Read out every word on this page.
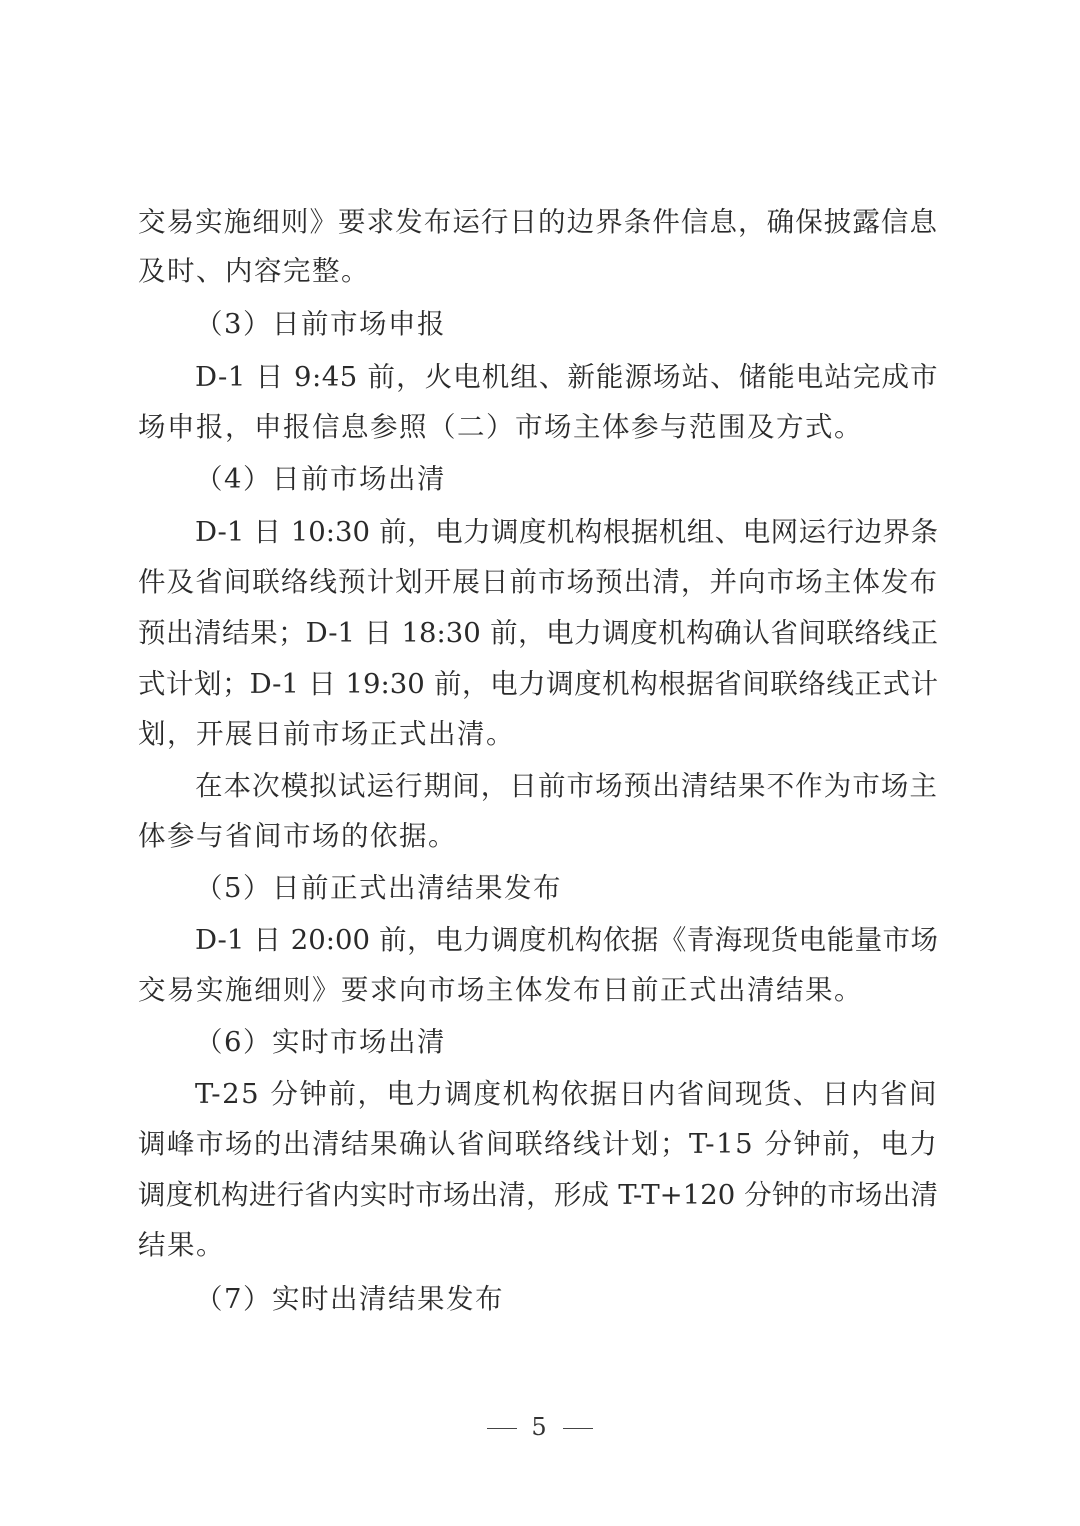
交易实施细则》要求发布运行日的边界条件信息，确保披露信息
及时、内容完整。
（3）日前市场申报
D-1 日 9:45 前，火电机组、新能源场站、储能电站完成市
场申报，申报信息参照（二）市场主体参与范围及方式。
（4）日前市场出清
D-1 日 10:30 前，电力调度机构根据机组、电网运行边界条
件及省间联络线预计划开展日前市场预出清，并向市场主体发布
预出清结果；D-1 日 18:30 前，电力调度机构确认省间联络线正
式计划；D-1 日 19:30 前，电力调度机构根据省间联络线正式计
划，开展日前市场正式出清。
在本次模拟试运行期间，日前市场预出清结果不作为市场主
体参与省间市场的依据。
（5）日前正式出清结果发布
D-1 日 20:00 前，电力调度机构依据《青海现货电能量市场
交易实施细则》要求向市场主体发布日前正式出清结果。
（6）实时市场出清
T-25 分钟前，电力调度机构依据日内省间现货、日内省间
调峰市场的出清结果确认省间联络线计划；T-15 分钟前，电力
调度机构进行省内实时市场出清，形成 T-T+120 分钟的市场出清
结果。
（7）实时出清结果发布
5
